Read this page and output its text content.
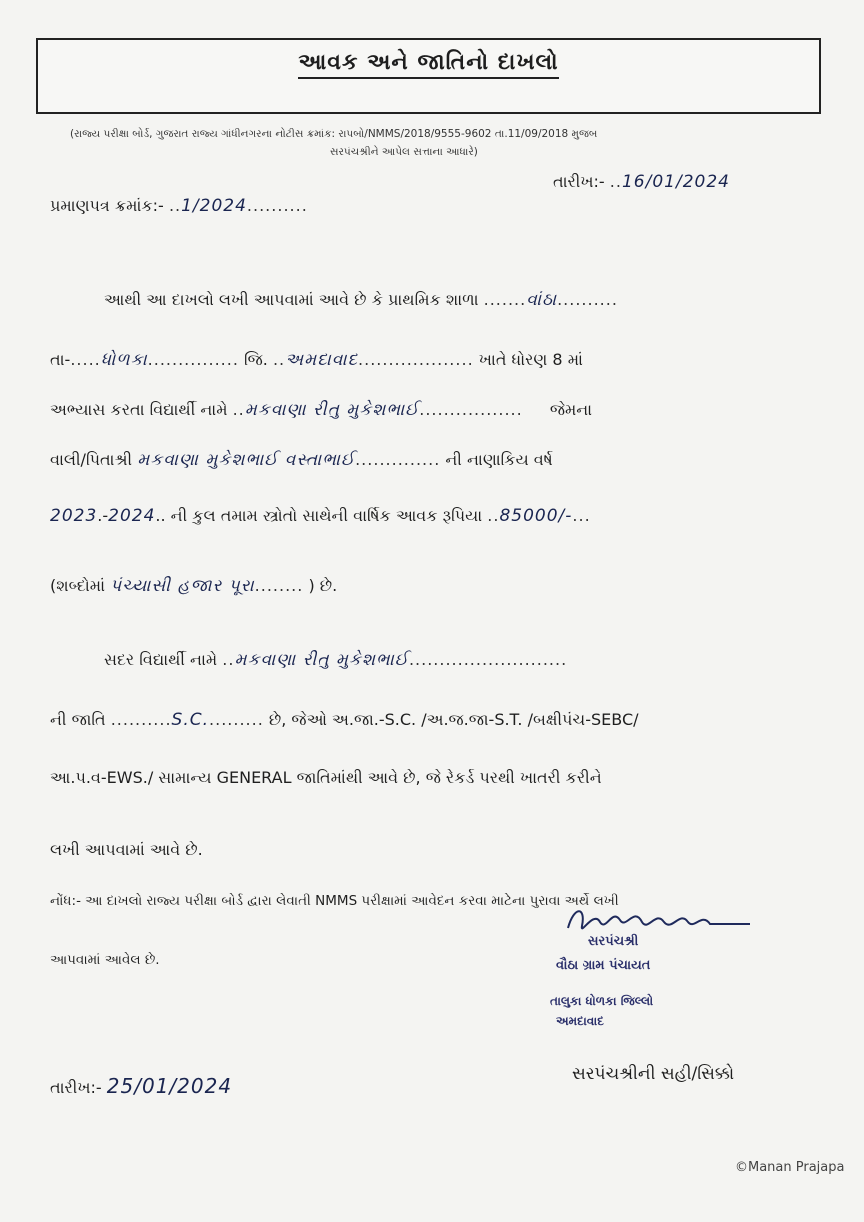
આવક અને જાતિનો દાખલો
(રાજ્ય પરીક્ષા બોર્ડ, ગુજરાત રાજ્ય ગાંધીનગરના નોટીસ ક્રમાંક: રાપબો/NMMS/2018/9555-9602 તા.11/09/2018 મુજબ
સરપંચશ્રીને આપેલ સત્તાના આધારે)
પ્રમાણપત્ર ક્રમાંક:- ..1/2024..........
તારીખ:- ..16/01/2024
આથી આ દાખલો લખી આપવામાં આવે છે કે પ્રાથમિક શાળા .......વાંઠા..........
તા-.....ધોળકા............... જિ. ..અમદાવાદ................... ખાતે ધોરણ 8 માં
અભ્યાસ કરતા વિદ્યાર્થી નામે ..મકવાણા રીતુ મુકેશભાઈ................. જેમના
વાલી/પિતાશ્રી મકવાણા મુકેશભાઈ વસ્તાભાઈ.............. ની નાણાકિય વર્ષ
2023.-2024.. ની કુલ તમામ સ્ત્રોતો સાથેની વાર્ષિક આવક રૂપિયા ..85000/-...
(શબ્દોમાં પંચ્યાસી હજાર પૂરા........ ) છે.
સદર વિદ્યાર્થી નામે ..મકવાણા રીતુ મુકેશભાઈ..........................
ની જાતિ ..........S.C.......... છે, જેઓ અ.જા.-S.C. /અ.જ.જા-S.T. /બક્ષીપંચ-SEBC/
આ.પ.વ-EWS./ સામાન્ય GENERAL જાતિમાંથી આવે છે, જે રેકર્ડ પરથી ખાતરી કરીને
લખી આપવામાં આવે છે.
નોંધ:- આ દાખલો રાજ્ય પરીક્ષા બોર્ડ દ્વારા લેવાતી NMMS પરીક્ષામાં આવેદન કરવા માટેના પુરાવા અર્થે લખી
આપવામાં આવેલ છે.
સરપંચશ્રી
વૌઠા ગ્રામ પંચાયત
તાલુકા ધોળકા જિલ્લો
અમદાવાદ
તારીખ:- 25/01/2024	સરપંચશ્રીની સહી/સિક્કો
©Manan Prajapa
